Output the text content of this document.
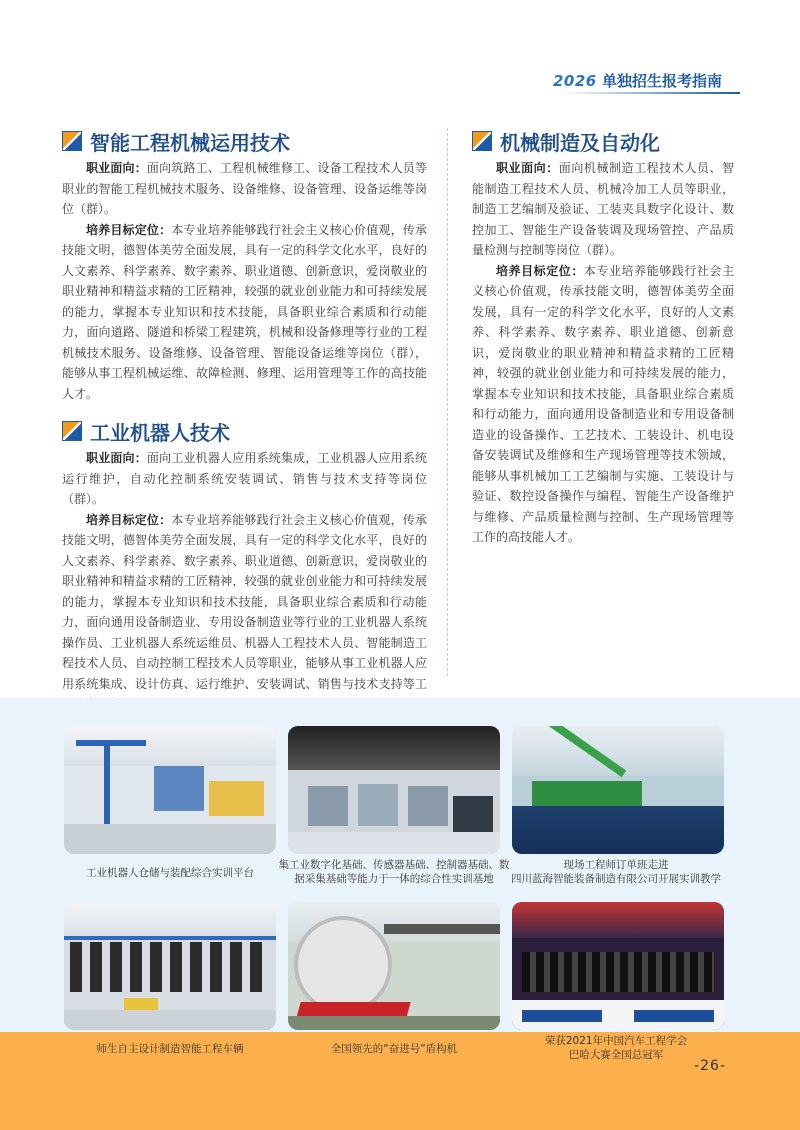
2026 单独招生报考指南
智能工程机械运用技术

职业面向：面向筑路工、工程机械维修工、设备工程技术人员等职业的智能工程机械技术服务、设备维修、设备管理、设备运维等岗位（群）。

培养目标定位：本专业培养能够践行社会主义核心价值观，传承技能文明，德智体美劳全面发展，具有一定的科学文化水平，良好的人文素养、科学素养、数字素养、职业道德、创新意识，爱岗敬业的职业精神和精益求精的工匠精神，较强的就业创业能力和可持续发展的能力，掌握本专业知识和技术技能，具备职业综合素质和行动能力，面向道路、隧道和桥梁工程建筑，机械和设备修理等行业的工程机械技术服务、设备维修、设备管理、智能设备运维等岗位（群），能够从事工程机械运维、故障检测、修理、运用管理等工作的高技能人才。

工业机器人技术

职业面向：面向工业机器人应用系统集成，工业机器人应用系统运行维护，自动化控制系统安装调试、销售与技术支持等岗位（群）。

培养目标定位：本专业培养能够践行社会主义核心价值观，传承技能文明，德智体美劳全面发展，具有一定的科学文化水平，良好的人文素养、科学素养、数字素养、职业道德、创新意识，爱岗敬业的职业精神和精益求精的工匠精神，较强的就业创业能力和可持续发展的能力，掌握本专业知识和技术技能，具备职业综合素质和行动能力，面向通用设备制造业、专用设备制造业等行业的工业机器人系统操作员、工业机器人系统运维员、机器人工程技术人员、智能制造工程技术人员、自动控制工程技术人员等职业，能够从事工业机器人应用系统集成、设计仿真、运行维护、安装调试、销售与技术支持等工

机械制造及自动化

职业面向：面向机械制造工程技术人员、智能制造工程技术人员、机械冷加工人员等职业，制造工艺编制及验证、工装夹具数字化设计、数控加工、智能生产设备装调及现场管控、产品质量检测与控制等岗位（群）。

培养目标定位：本专业培养能够践行社会主义核心价值观，传承技能文明，德智体美劳全面发展，具有一定的科学文化水平，良好的人文素养、科学素养、数字素养、职业道德、创新意识，爱岗敬业的职业精神和精益求精的工匠精神，较强的就业创业能力和可持续发展的能力，掌握本专业知识和技术技能，具备职业综合素质和行动能力，面向通用设备制造业和专用设备制造业的设备操作、工艺技术、工装设计、机电设备安装调试及维修和生产现场管理等技术领域，能够从事机械加工工艺编制与实施、工装设计与验证、数控设备操作与编程、智能生产设备维护与维修、产品质量检测与控制、生产现场管理等工作的高技能人才。

工业机器人仓储与装配综合实训平台
集工业数字化基础、传感器基础、控制器基础、数据采集基础等能力于一体的综合性实训基地
现场工程师订单班走进
四川蓝海智能装备制造有限公司开展实训教学
师生自主设计制造智能工程车辆	全国领先的“奋进号”盾构机
荣获2021年中国汽车工程学会
巴哈大赛全国总冠军
-26-
